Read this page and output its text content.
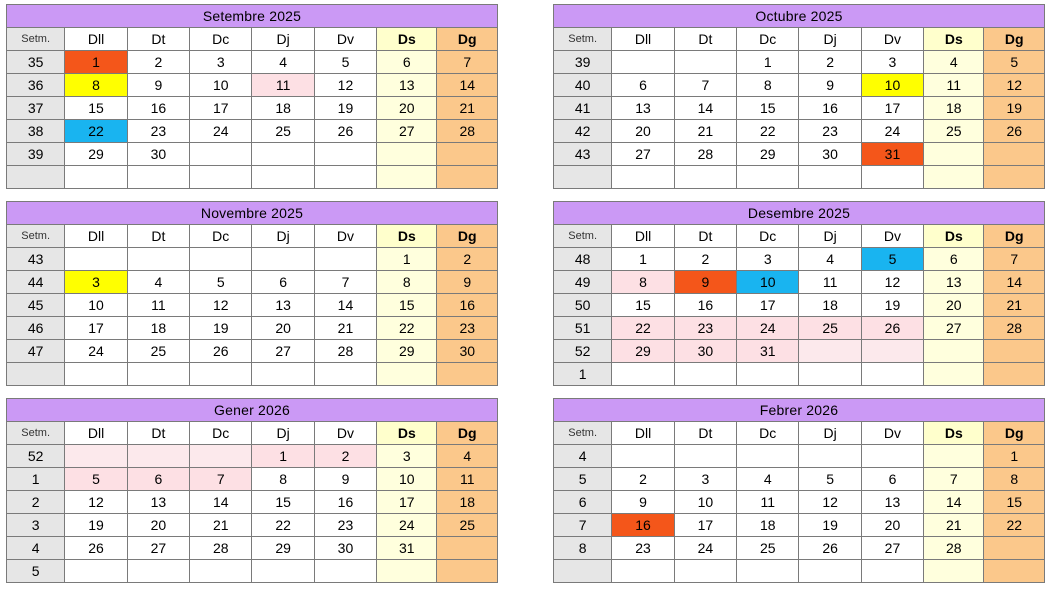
Setembre 2025							
Setm.	Dll	Dt	Dc	Dj	Dv	Ds	Dg
35	1	2	3	4	5	6	7
36	8	9	10	11	12	13	14
37	15	16	17	18	19	20	21
38	22	23	24	25	26	27	28
39	29	30					

Octubre 2025							
Setm.	Dll	Dt	Dc	Dj	Dv	Ds	Dg
39			1	2	3	4	5
40	6	7	8	9	10	11	12
41	13	14	15	16	17	18	19
42	20	21	22	23	24	25	26
43	27	28	29	30	31		

Novembre 2025							
Setm.	Dll	Dt	Dc	Dj	Dv	Ds	Dg
43						1	2
44	3	4	5	6	7	8	9
45	10	11	12	13	14	15	16
46	17	18	19	20	21	22	23
47	24	25	26	27	28	29	30

Desembre 2025							
Setm.	Dll	Dt	Dc	Dj	Dv	Ds	Dg
48	1	2	3	4	5	6	7
49	8	9	10	11	12	13	14
50	15	16	17	18	19	20	21
51	22	23	24	25	26	27	28
52	29	30	31				
1							
Gener 2026							
Setm.	Dll	Dt	Dc	Dj	Dv	Ds	Dg
52				1	2	3	4
1	5	6	7	8	9	10	11
2	12	13	14	15	16	17	18
3	19	20	21	22	23	24	25
4	26	27	28	29	30	31	
5							
Febrer 2026							
Setm.	Dll	Dt	Dc	Dj	Dv	Ds	Dg
4							1
5	2	3	4	5	6	7	8
6	9	10	11	12	13	14	15
7	16	17	18	19	20	21	22
8	23	24	25	26	27	28	
